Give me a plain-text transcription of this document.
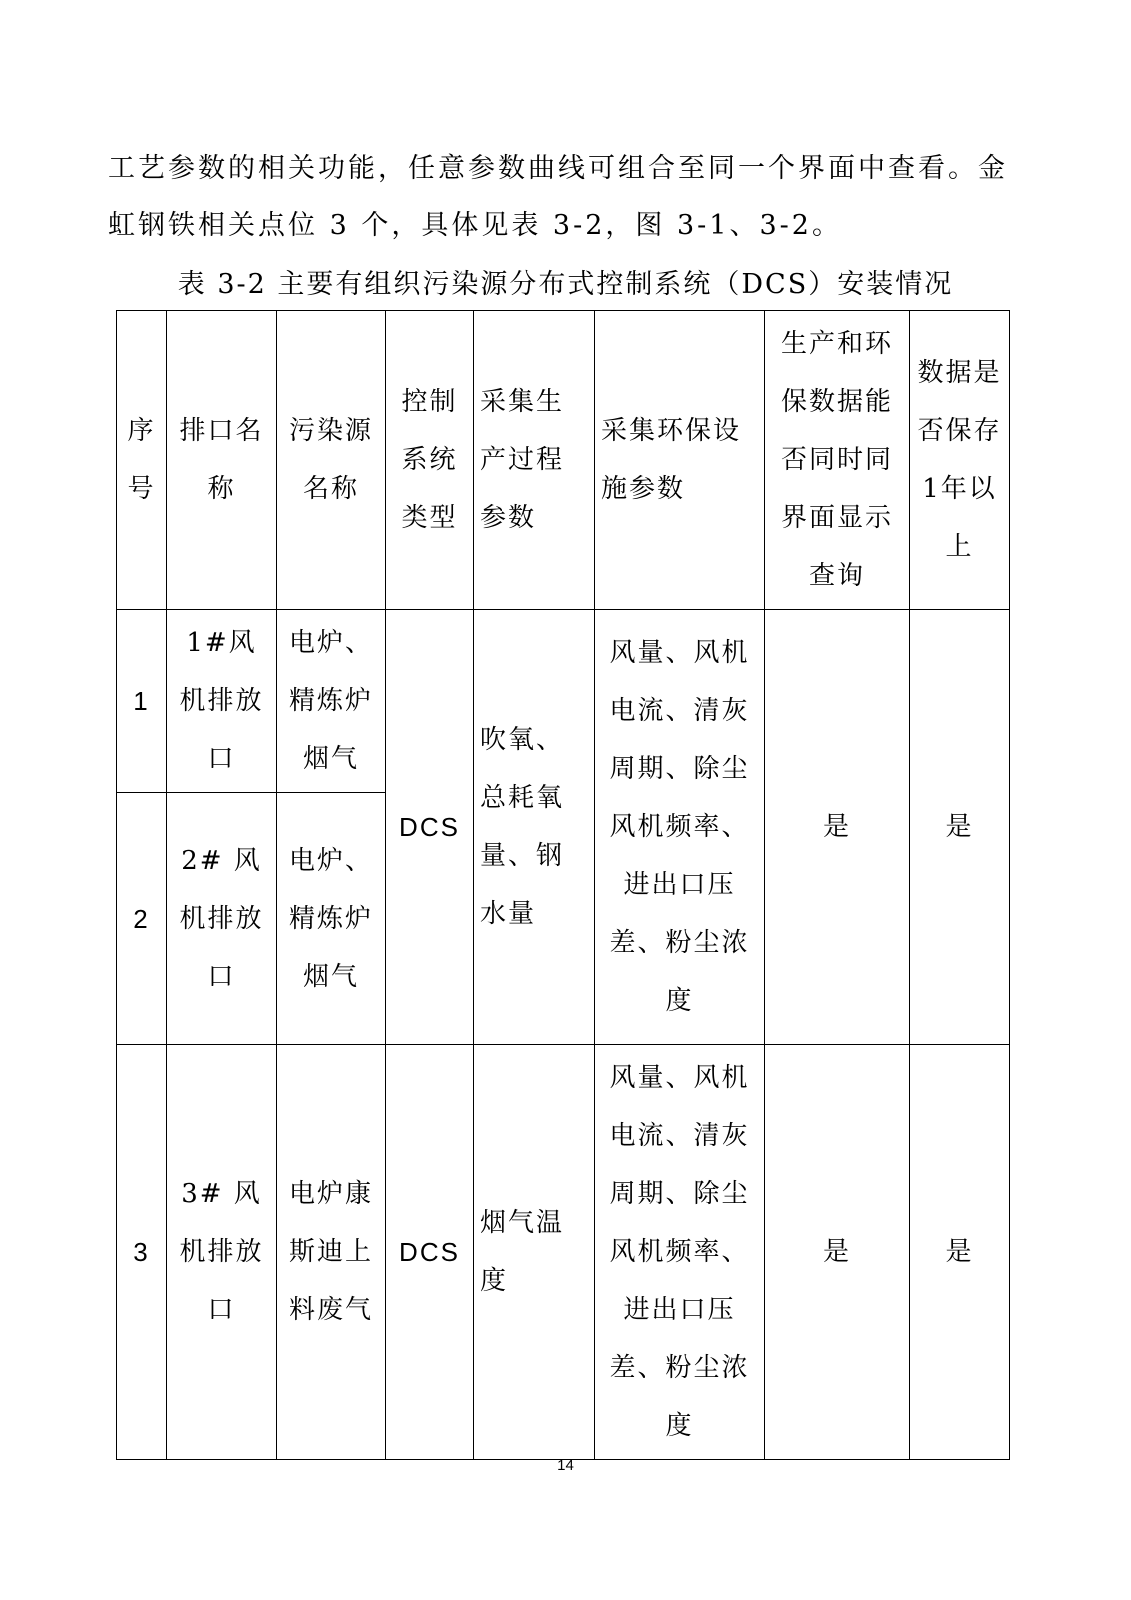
工艺参数的相关功能，任意参数曲线可组合至同一个界面中查看。金
虹钢铁相关点位 3 个，具体见表 3-2，图 3-1、3-2。
表 3-2 主要有组织污染源分布式控制系统（DCS）安装情况
序号	排口名称	污染源名称	控制系统类型	采集生产过程参数	采集环保设施参数	生产和环保数据能否同时同界面显示查询	数据是否保存1年以上
1	1#风机排放口	电炉、精炼炉烟气	DCS	吹氧、总耗氧量、钢水量	风量、风机电流、清灰周期、除尘风机频率、进出口压差、粉尘浓度	是	是
2	2# 风机排放口	电炉、精炼炉烟气					
3	3# 风机排放口	电炉康斯迪上料废气	DCS	烟气温度	风量、风机电流、清灰周期、除尘风机频率、进出口压差、粉尘浓度	是	是
14
